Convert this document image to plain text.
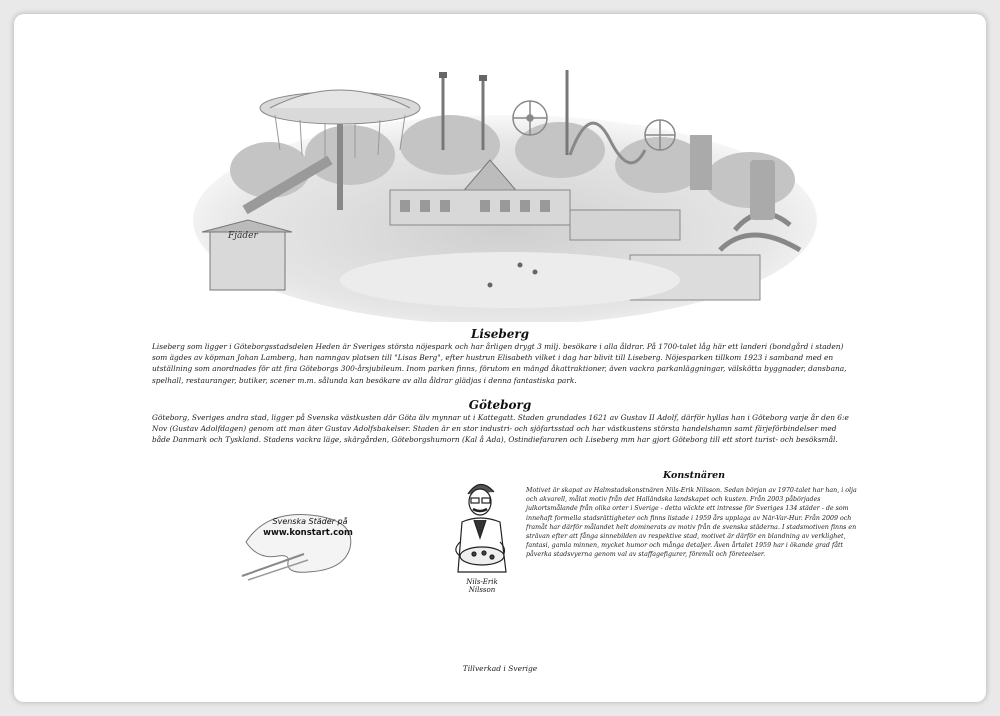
Fjäder
Liseberg

Liseberg som ligger i Göteborgsstadsdelen Heden är Sveriges största nöjespark och har årligen drygt 3 milj. besökare i alla åldrar. På 1700-talet låg här ett landeri (bondgård i staden) som ägdes av köpman Johan Lamberg, han namngav platsen till "Lisas Berg", efter hustrun Elisabeth vilket i dag har blivit till Liseberg. Nöjesparken tillkom 1923 i samband med en utställning som anordnades för att fira Göteborgs 300-årsjubileum. Inom parken finns, förutom en mängd åkattraktioner, även vackra parkanläggningar, välskötta byggnader, dansbana, spelhall, restauranger, butiker, scener m.m. sålunda kan besökare av alla åldrar glädjas i denna fantastiska park.

Göteborg

Göteborg, Sveriges andra stad, ligger på Svenska västkusten där Göta älv mynnar ut i Kattegatt. Staden grundades 1621 av Gustav II Adolf, därför hyllas han i Göteborg varje år den 6:e Nov (Gustav Adolfdagen) genom att man äter Gustav Adolfsbakelser. Staden är en stor industri- och sjöfartsstad och har västkustens största handelshamn samt färjeförbindelser med både Danmark och Tyskland. Stadens vackra läge, skärgården, Göteborgshumorn (Kal å Ada), Ostindiefararen och Liseberg mm har gjort Göteborg till ett stort turist- och besöksmål.

Svenska Städer på
www.konstart.com
Nils-Erik
Nilsson
Konstnären

Motivet är skapat av Halmstadskonstnären Nils-Erik Nilsson. Sedan början av 1970-talet har han, i olja och akvarell, målat motiv från det Halländska landskapet och kusten. Från 2003 påbörjades julkortsmålande från olika orter i Sverige - detta väckte ett intresse för Sveriges 134 städer - de som innehaft formella stadsrättigheter och finns listade i 1959 års upplaga av När-Var-Hur. Från 2009 och framåt har därför målandet helt dominerats av motiv från de svenska städerna. I stadsmotiven finns en strävan efter att fånga sinnebilden av respektive stad, motivet är därför en blandning av verklighet, fantasi, gamla minnen, mycket humor och många detaljer. Även årtalet 1959 har i ökande grad fått påverka stadsvyerna genom val av staffagefigurer, föremål och företeelser.

Tillverkad i Sverige
